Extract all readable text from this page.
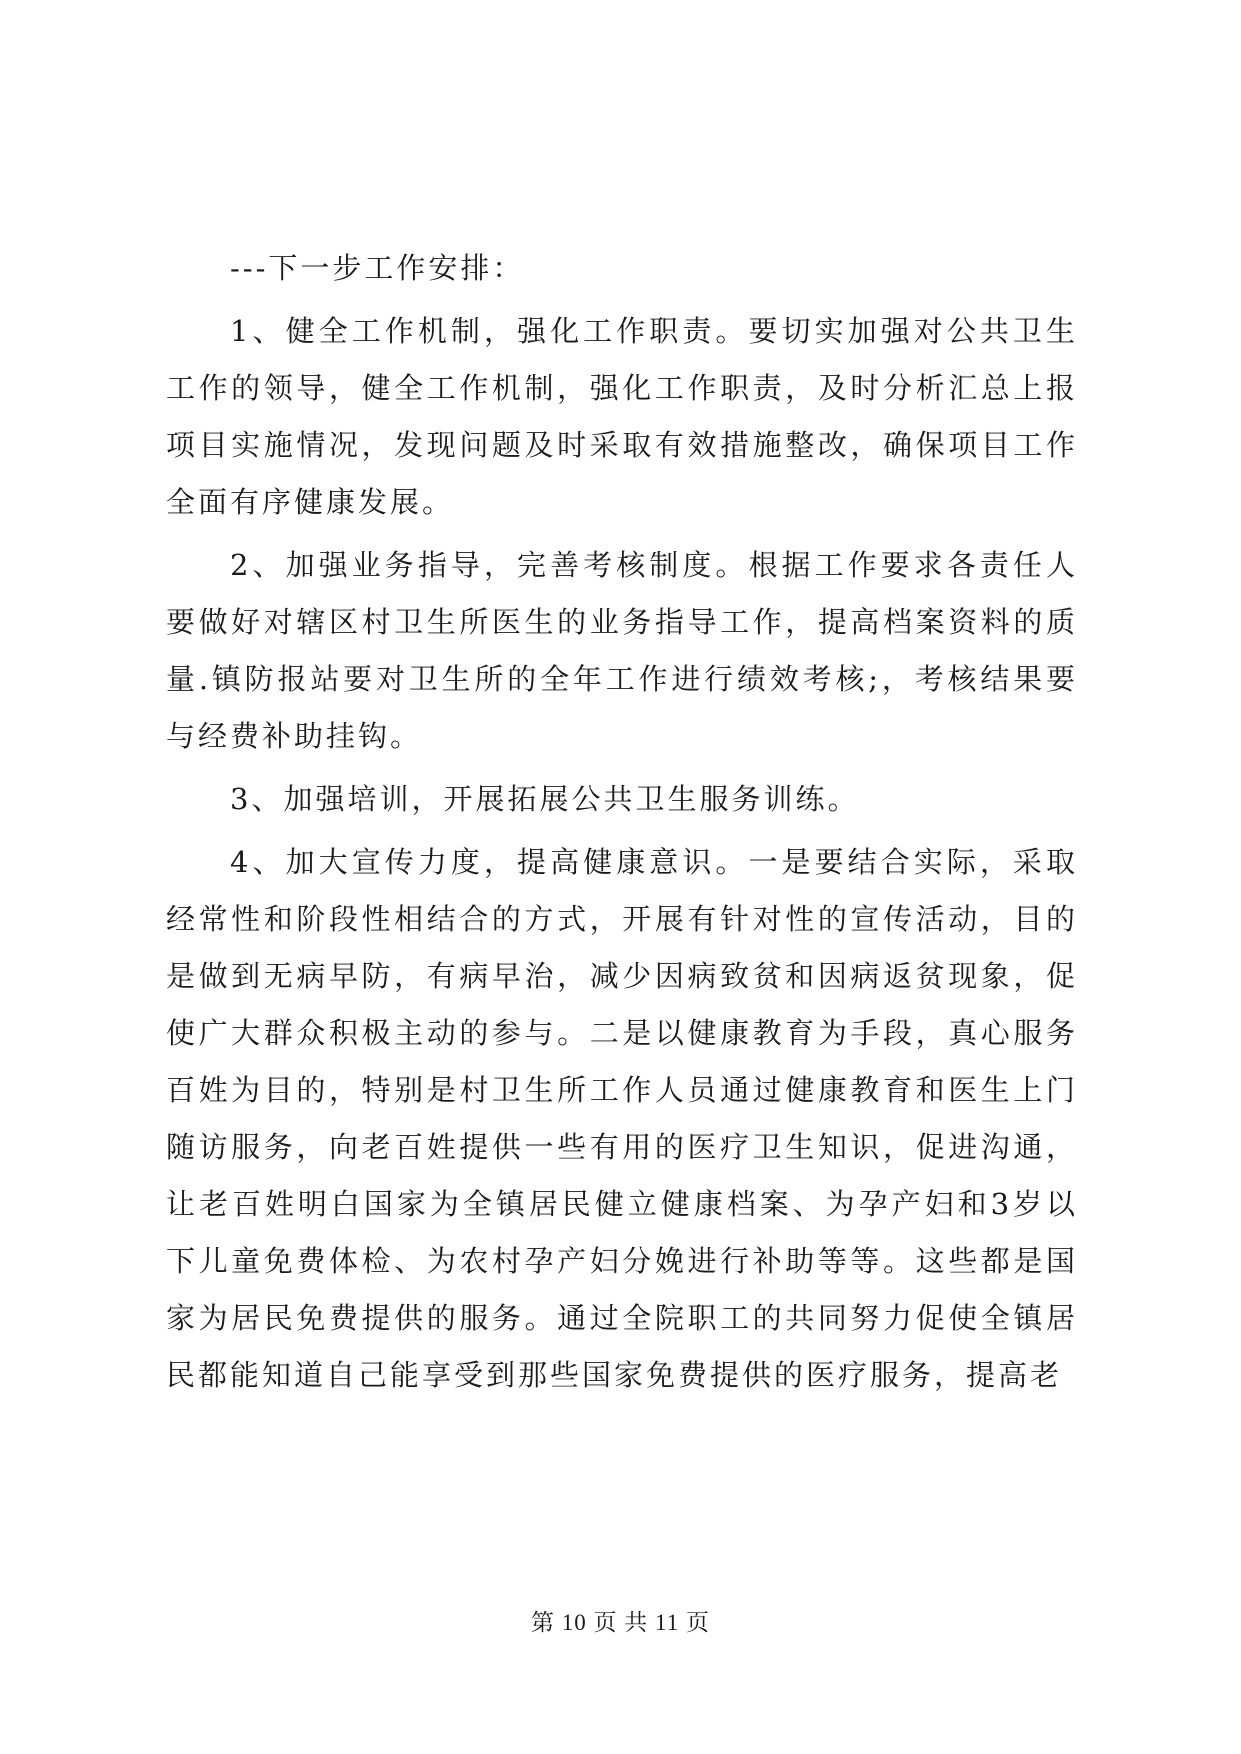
---下一步工作安排：

1、健全工作机制，强化工作职责。要切实加强对公共卫生工作的领导，健全工作机制，强化工作职责，及时分析汇总上报项目实施情况，发现问题及时采取有效措施整改，确保项目工作全面有序健康发展。

2、加强业务指导，完善考核制度。根据工作要求各责任人要做好对辖区村卫生所医生的业务指导工作，提高档案资料的质量.镇防报站要对卫生所的全年工作进行绩效考核;，考核结果要与经费补助挂钩。

3、加强培训，开展拓展公共卫生服务训练。

4、加大宣传力度，提高健康意识。一是要结合实际，采取经常性和阶段性相结合的方式，开展有针对性的宣传活动，目的是做到无病早防，有病早治，减少因病致贫和因病返贫现象，促使广大群众积极主动的参与。二是以健康教育为手段，真心服务百姓为目的，特别是村卫生所工作人员通过健康教育和医生上门随访服务，向老百姓提供一些有用的医疗卫生知识，促进沟通，让老百姓明白国家为全镇居民健立健康档案、为孕产妇和3岁以下儿童免费体检、为农村孕产妇分娩进行补助等等。这些都是国家为居民免费提供的服务。通过全院职工的共同努力促使全镇居民都能知道自己能享受到那些国家免费提供的医疗服务，提高老

第 10 页 共 11 页
